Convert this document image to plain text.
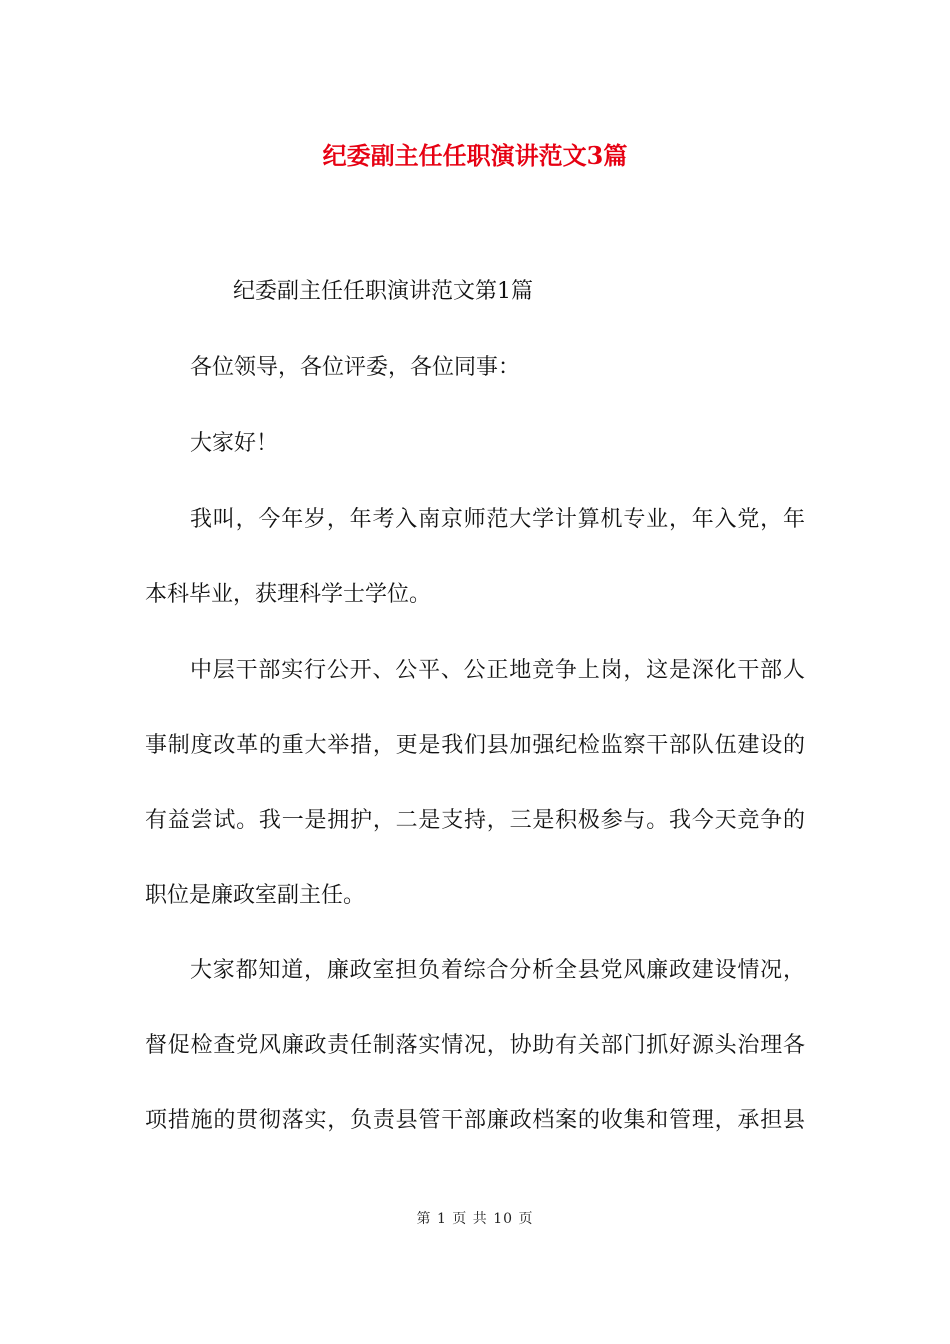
纪委副主任任职演讲范文3篇
纪委副主任任职演讲范文第1篇
各位领导，各位评委，各位同事：
大家好！
我叫，今年岁，年考入南京师范大学计算机专业，年入党，年
本科毕业，获理科学士学位。
中层干部实行公开、公平、公正地竞争上岗，这是深化干部人
事制度改革的重大举措，更是我们县加强纪检监察干部队伍建设的
有益尝试。我一是拥护，二是支持，三是积极参与。我今天竞争的
职位是廉政室副主任。
大家都知道，廉政室担负着综合分析全县党风廉政建设情况，
督促检查党风廉政责任制落实情况，协助有关部门抓好源头治理各
项措施的贯彻落实，负责县管干部廉政档案的收集和管理，承担县
第 1 页 共 10 页
